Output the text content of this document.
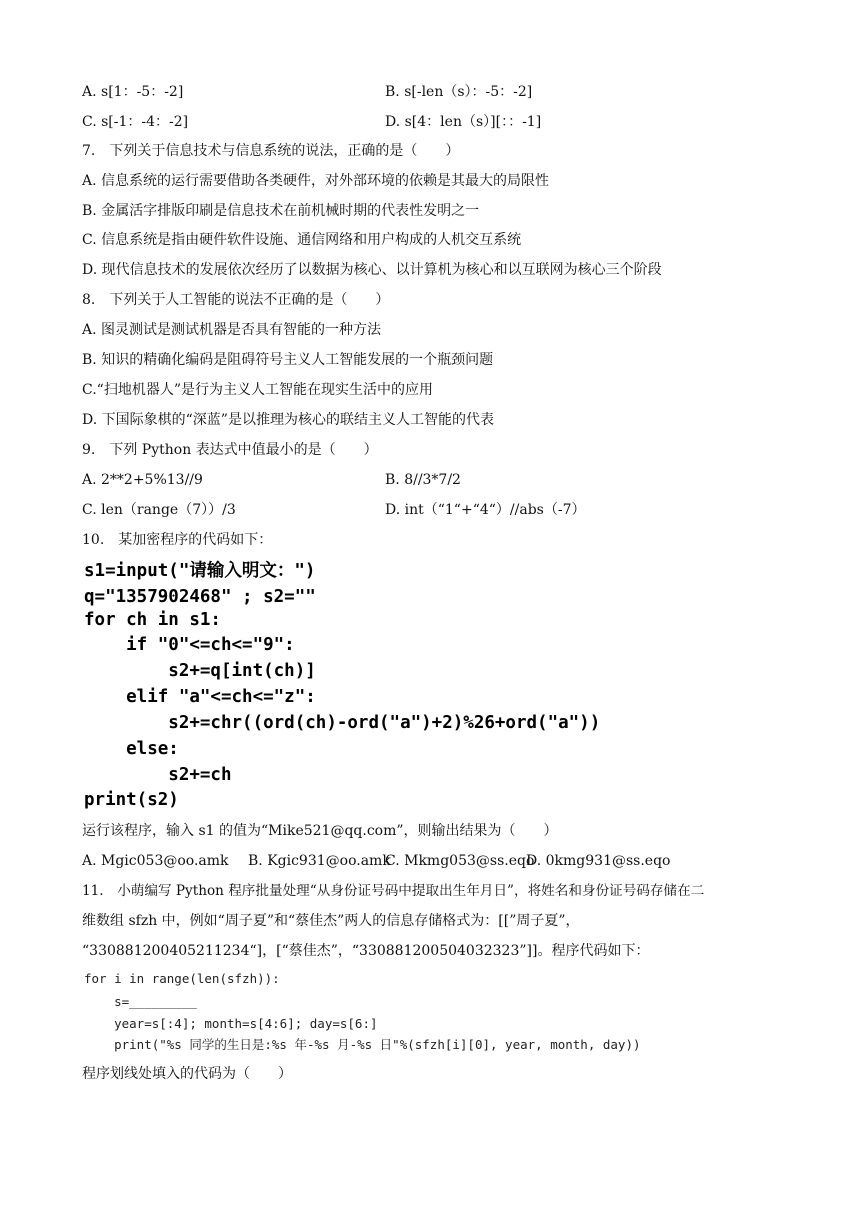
A. s[1：-5：-2]	B. s[-len（s）：-5：-2]
C. s[-1：-4：-2]	D. s[4：len（s）][：：-1]
7.　下列关于信息技术与信息系统的说法，正确的是（　　）
A. 信息系统的运行需要借助各类硬件，对外部环境的依赖是其最大的局限性
B. 金属活字排版印刷是信息技术在前机械时期的代表性发明之一
C. 信息系统是指由硬件软件设施、通信网络和用户构成的人机交互系统
D. 现代信息技术的发展依次经历了以数据为核心、以计算机为核心和以互联网为核心三个阶段
8.　下列关于人工智能的说法不正确的是（　　）
A. 图灵测试是测试机器是否具有智能的一种方法
B. 知识的精确化编码是阻碍符号主义人工智能发展的一个瓶颈问题
C.“扫地机器人”是行为主义人工智能在现实生活中的应用
D. 下国际象棋的“深蓝”是以推理为核心的联结主义人工智能的代表
9.　下列 Python 表达式中值最小的是（　　）
A. 2**2+5%13//9	B. 8//3*7/2
C. len（range（7））/3	D. int（“1“+“4“）//abs（-7）
10.　某加密程序的代码如下：
s1=input("请输入明文：")
q="1357902468" ; s2=""
for ch in s1:
if "0"<=ch<="9":
s2+=q[int(ch)]
elif "a"<=ch<="z":
s2+=chr((ord(ch)-ord("a")+2)%26+ord("a"))
else:
s2+=ch
print(s2)
运行该程序，输入 s1 的值为“Mike521@qq.com”，则输出结果为（　　）
A. Mgic053@oo.amk B. Kgic931@oo.amk
C. Mkmg053@ss.eqo
D. 0kmg931@ss.eqo
11.　小萌编写 Python 程序批量处理“从身份证号码中提取出生年月日”，将姓名和身份证号码存储在二
维数组 sfzh 中，例如“周子夏”和“蔡佳杰”两人的信息存储格式为：[[”周子夏”，
“330881200405211234“]，[“蔡佳杰”，“330881200504032323”]]。程序代码如下：
for i in range(len(sfzh)):
s=_________
year=s[:4]; month=s[4:6]; day=s[6:]
print("%s 同学的生日是:%s 年-%s 月-%s 日"%(sfzh[i][0], year, month, day))
程序划线处填入的代码为（　　）
